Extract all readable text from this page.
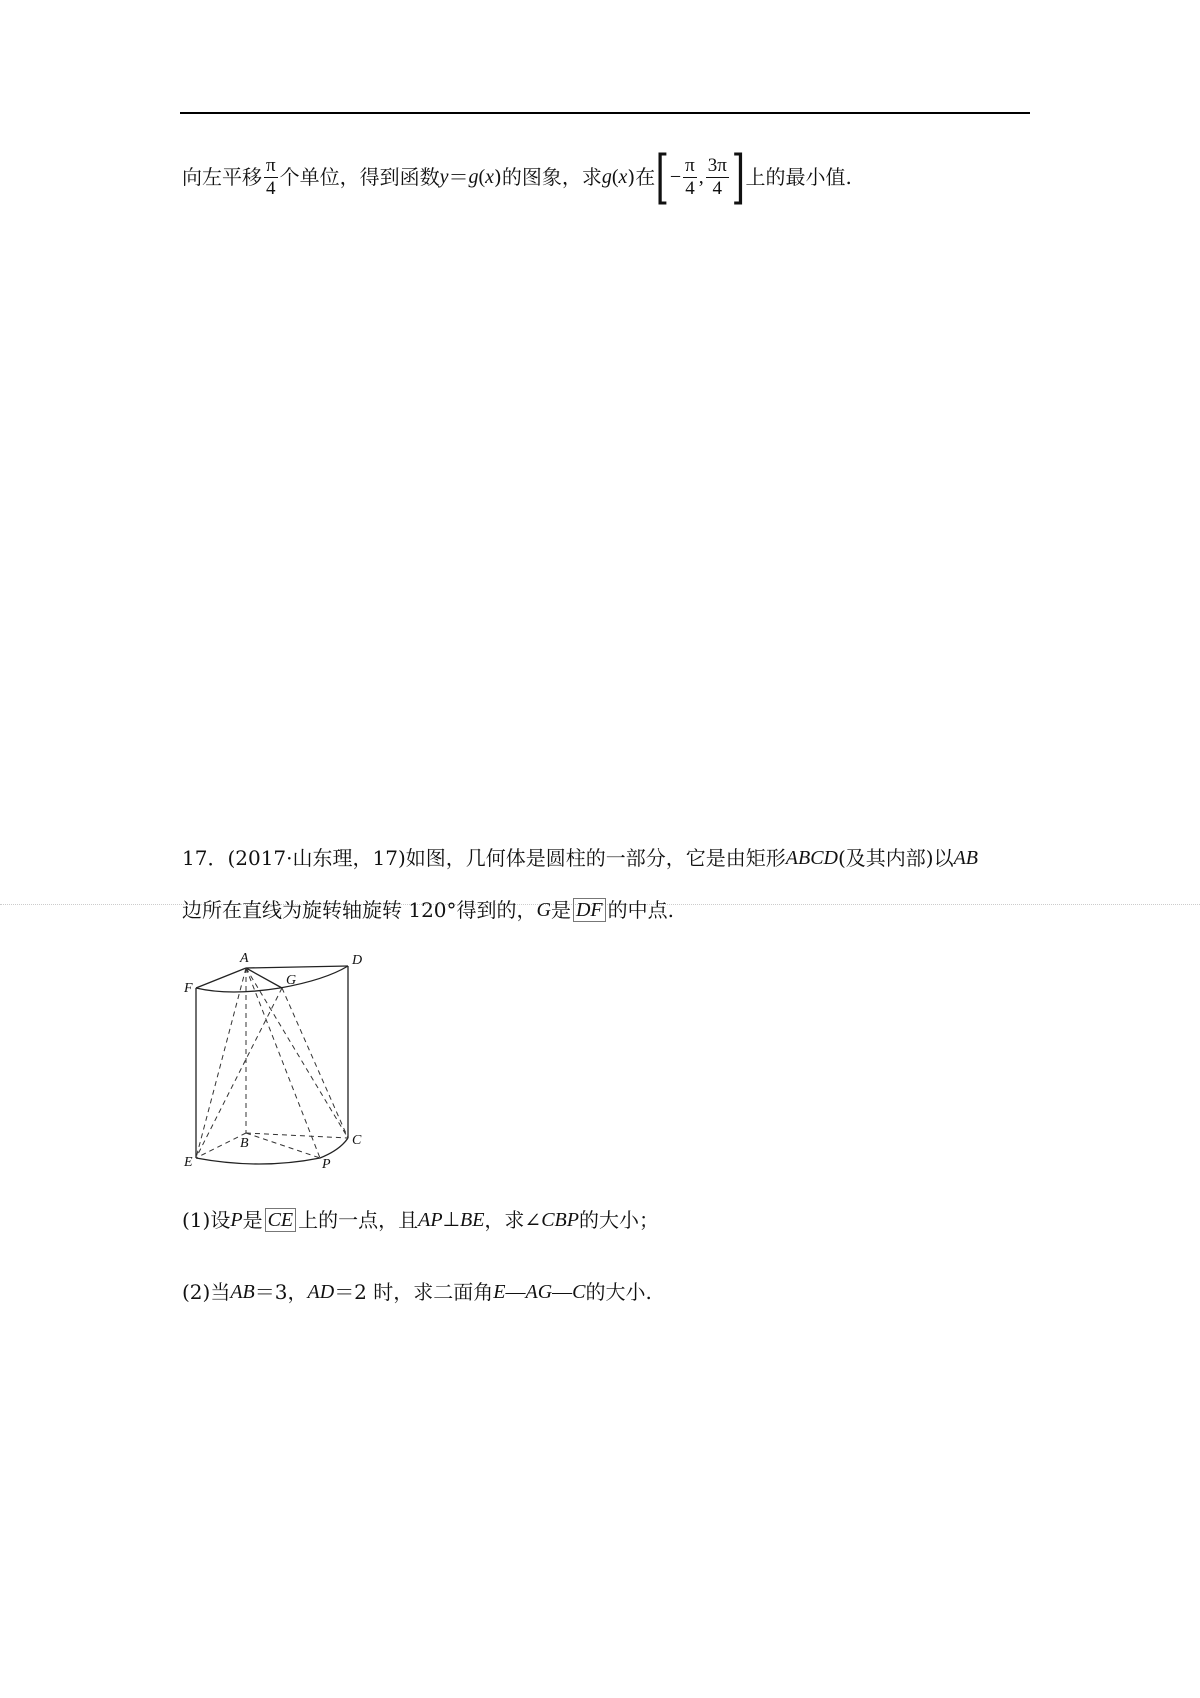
向左平移 $\frac{\pi}{4}$ 个单位，得到函数 y ＝ g ( x )的图象，求 g ( x )在 [ − $\frac{\pi}{4}$ , $\frac{3\pi}{4}$ ] 上的最小值.
17．(2017·山东理，17)如图，几何体是圆柱的一部分，它是由矩形 ABCD (及其内部)以 AB
边所在直线为旋转轴旋转 120°得到的， G 是 DF 的中点.
A	D
F
G
B	C
E	P
(1)设 P 是 CE 上的一点，且 AP ⊥ BE ，求∠ CBP 的大小；
(2)当 AB ＝3， AD ＝2 时，求二面角 E — AG — C 的大小.
